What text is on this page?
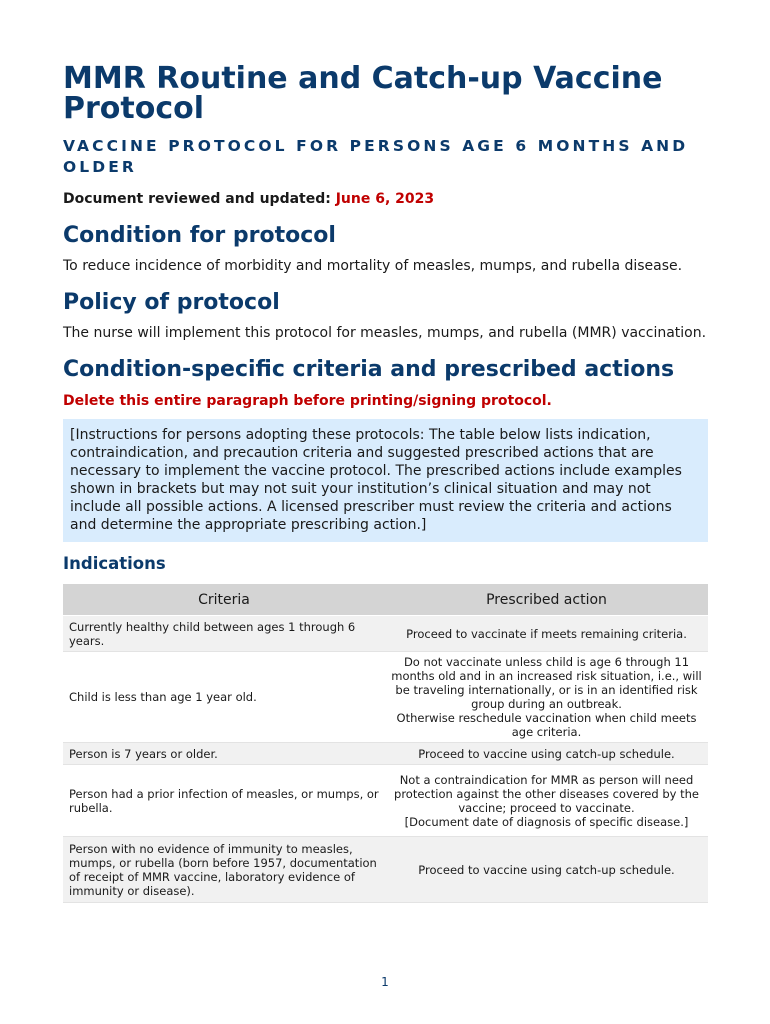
MMR Routine and Catch-up Vaccine Protocol
VACCINE PROTOCOL FOR PERSONS AGE 6 MONTHS AND OLDER

Document reviewed and updated: June 6, 2023

Condition for protocol

To reduce incidence of morbidity and mortality of measles, mumps, and rubella disease.

Policy of protocol

The nurse will implement this protocol for measles, mumps, and rubella (MMR) vaccination.

Condition-specific criteria and prescribed actions

Delete this entire paragraph before printing/signing protocol.

[Instructions for persons adopting these protocols: The table below lists indication, contraindication, and precaution criteria and suggested prescribed actions that are necessary to implement the vaccine protocol. The prescribed actions include examples shown in brackets but may not suit your institution’s clinical situation and may not include all possible actions. A licensed prescriber must review the criteria and actions and determine the appropriate prescribing action.]
Indications
Criteria	Prescribed action
Currently healthy child between ages 1 through 6 years.	Proceed to vaccinate if meets remaining criteria.

Child is less than age 1 year old.	Do not vaccinate unless child is age 6 through 11 months old and in an increased risk situation, i.e., will be traveling internationally, or is in an identified risk group during an outbreak.
Otherwise reschedule vaccination when child meets age criteria.

Person is 7 years or older.	Proceed to vaccine using catch-up schedule.

Person had a prior infection of measles, or mumps, or rubella.	Not a contraindication for MMR as person will need protection against the other diseases covered by the vaccine; proceed to vaccinate.
[Document date of diagnosis of specific disease.]

Person with no evidence of immunity to measles, mumps, or rubella (born before 1957, documentation of receipt of MMR vaccine, laboratory evidence of immunity or disease).	Proceed to vaccine using catch-up schedule.
1
